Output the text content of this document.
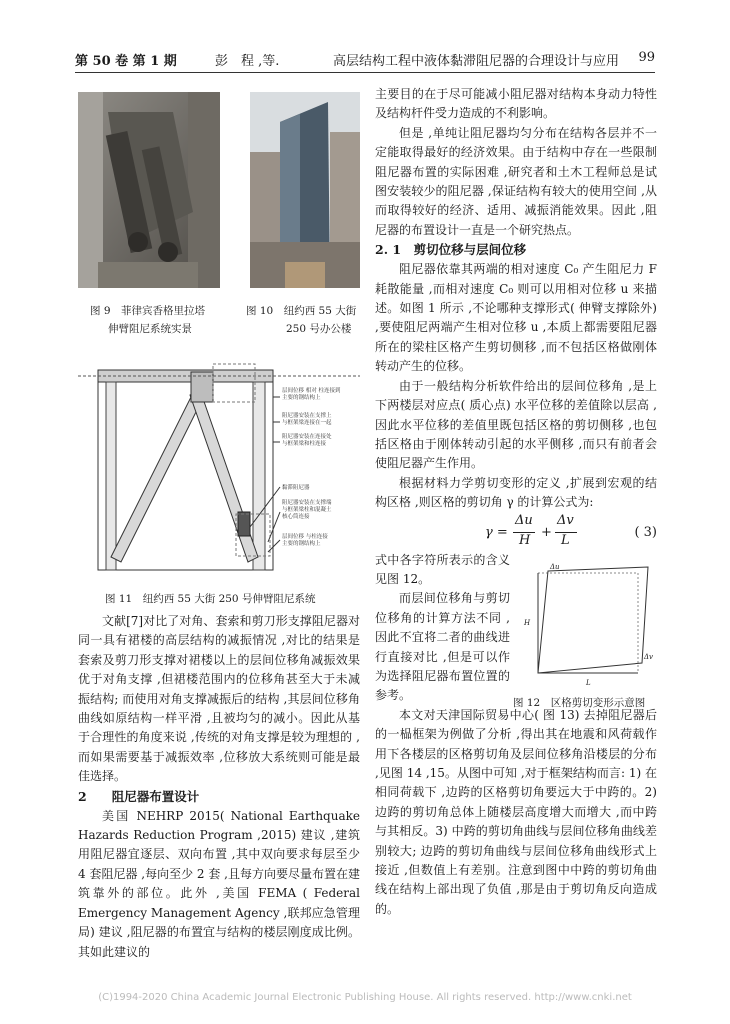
第 50 卷 第 1 期	彭　程 ,等.	高层结构工程中液体黏滞阻尼器的合理设计与应用 99
图 9　菲律宾香格里拉塔
伸臂阻尼系统实景
图 10　纽约西 55 大街
250 号办公楼
层间位移 相对 柱连接到
主要的钢结构上
阻尼器安装在支撑上
与框架梁连接在一起
阻尼器安装在连接处
与框架梁和柱连接
黏滞阻尼器
阻尼器安装在支撑端
与框架梁柱和混凝土
核心筒连接
层间位移 与柱连接
主要的钢结构上
图 11　纽约西 55 大街 250 号伸臂阻尼系统

文献[7]对比了对角、套索和剪刀形支撑阻尼器对同一具有裙楼的高层结构的减振情况 ,对比的结果是套索及剪刀形支撑对裙楼以上的层间位移角减振效果优于对角支撑 ,但裙楼范围内的位移角甚至大于未减振结构; 而使用对角支撑减振后的结构 ,其层间位移角曲线如原结构一样平滑 ,且被均匀的减小。因此从基于合理性的角度来说 ,传统的对角支撑是较为理想的 ,而如果需要基于减振效率 ,位移放大系统则可能是最佳选择。

2　　阻尼器布置设计

美国 NEHRP 2015( National Earthquake Hazards Reduction Program ,2015) 建议 ,建筑用阻尼器宜逐层、双向布置 ,其中双向要求每层至少 4 套阻尼器 ,每向至少 2 套 ,且每方向要尽量布置在建筑靠外的部位。此外 ,美国 FEMA ( Federal Emergency Management Agency ,联邦应急管理局) 建议 ,阻尼器的布置宜与结构的楼层刚度成比例。其如此建议的

主要目的在于尽可能减小阻尼器对结构本身动力特性及结构杆件受力造成的不利影响。

但是 ,单纯让阻尼器均匀分布在结构各层并不一定能取得最好的经济效果。由于结构中存在一些限制阻尼器布置的实际困难 ,研究者和土木工程师总是试图安装较少的阻尼器 ,保证结构有较大的使用空间 ,从而取得较好的经济、适用、减振消能效果。因此 ,阻尼器的布置设计一直是一个研究热点。

2. 1　剪切位移与层间位移

阻尼器依靠其两端的相对速度 C₀ 产生阻尼力 F 耗散能量 ,而相对速度 C₀ 则可以用相对位移 u 来描述。如图 1 所示 ,不论哪种支撑形式( 伸臂支撑除外) ,要使阻尼两端产生相对位移 u ,本质上都需要阻尼器所在的梁柱区格产生剪切侧移 ,而不包括区格做刚体转动产生的位移。

由于一般结构分析软件给出的层间位移角 ,是上下两楼层对应点( 质心点) 水平位移的差值除以层高 ,因此水平位移的差值里既包括区格的剪切侧移 ,也包括区格由于刚体转动引起的水平侧移 ,而只有前者会使阻尼器产生作用。

根据材料力学剪切变形的定义 ,扩展到宏观的结构区格 ,则区格的剪切角 γ 的计算公式为:

γ =
Δu
H
+
Δv
L
( 3)

式中各字符所表示的含义见图 12。

而层间位移角与剪切位移角的计算方法不同 ,因此不宜将二者的曲线进行直接对比 ,但是可以作为选择阻尼器布置位置的参考。

本文对天津国际贸易中心( 图 13) 去掉阻尼器后的一榀框架为例做了分析 ,得出其在地震和风荷载作用下各楼层的区格剪切角及层间位移角沿楼层的分布 ,见图 14 ,15。从图中可知 ,对于框架结构而言: 1) 在相同荷载下 ,边跨的区格剪切角要远大于中跨的。2) 边跨的剪切角总体上随楼层高度增大而增大 ,而中跨与其相反。3) 中跨的剪切角曲线与层间位移角曲线差别较大; 边跨的剪切角曲线与层间位移角曲线形式上接近 ,但数值上有差别。注意到图中中跨的剪切角曲线在结构上部出现了负值 ,那是由于剪切角反向造成的。

Δu
H
L
Δv
图 12　区格剪切变形示意图
(C)1994-2020 China Academic Journal Electronic Publishing House. All rights reserved. http://www.cnki.net
